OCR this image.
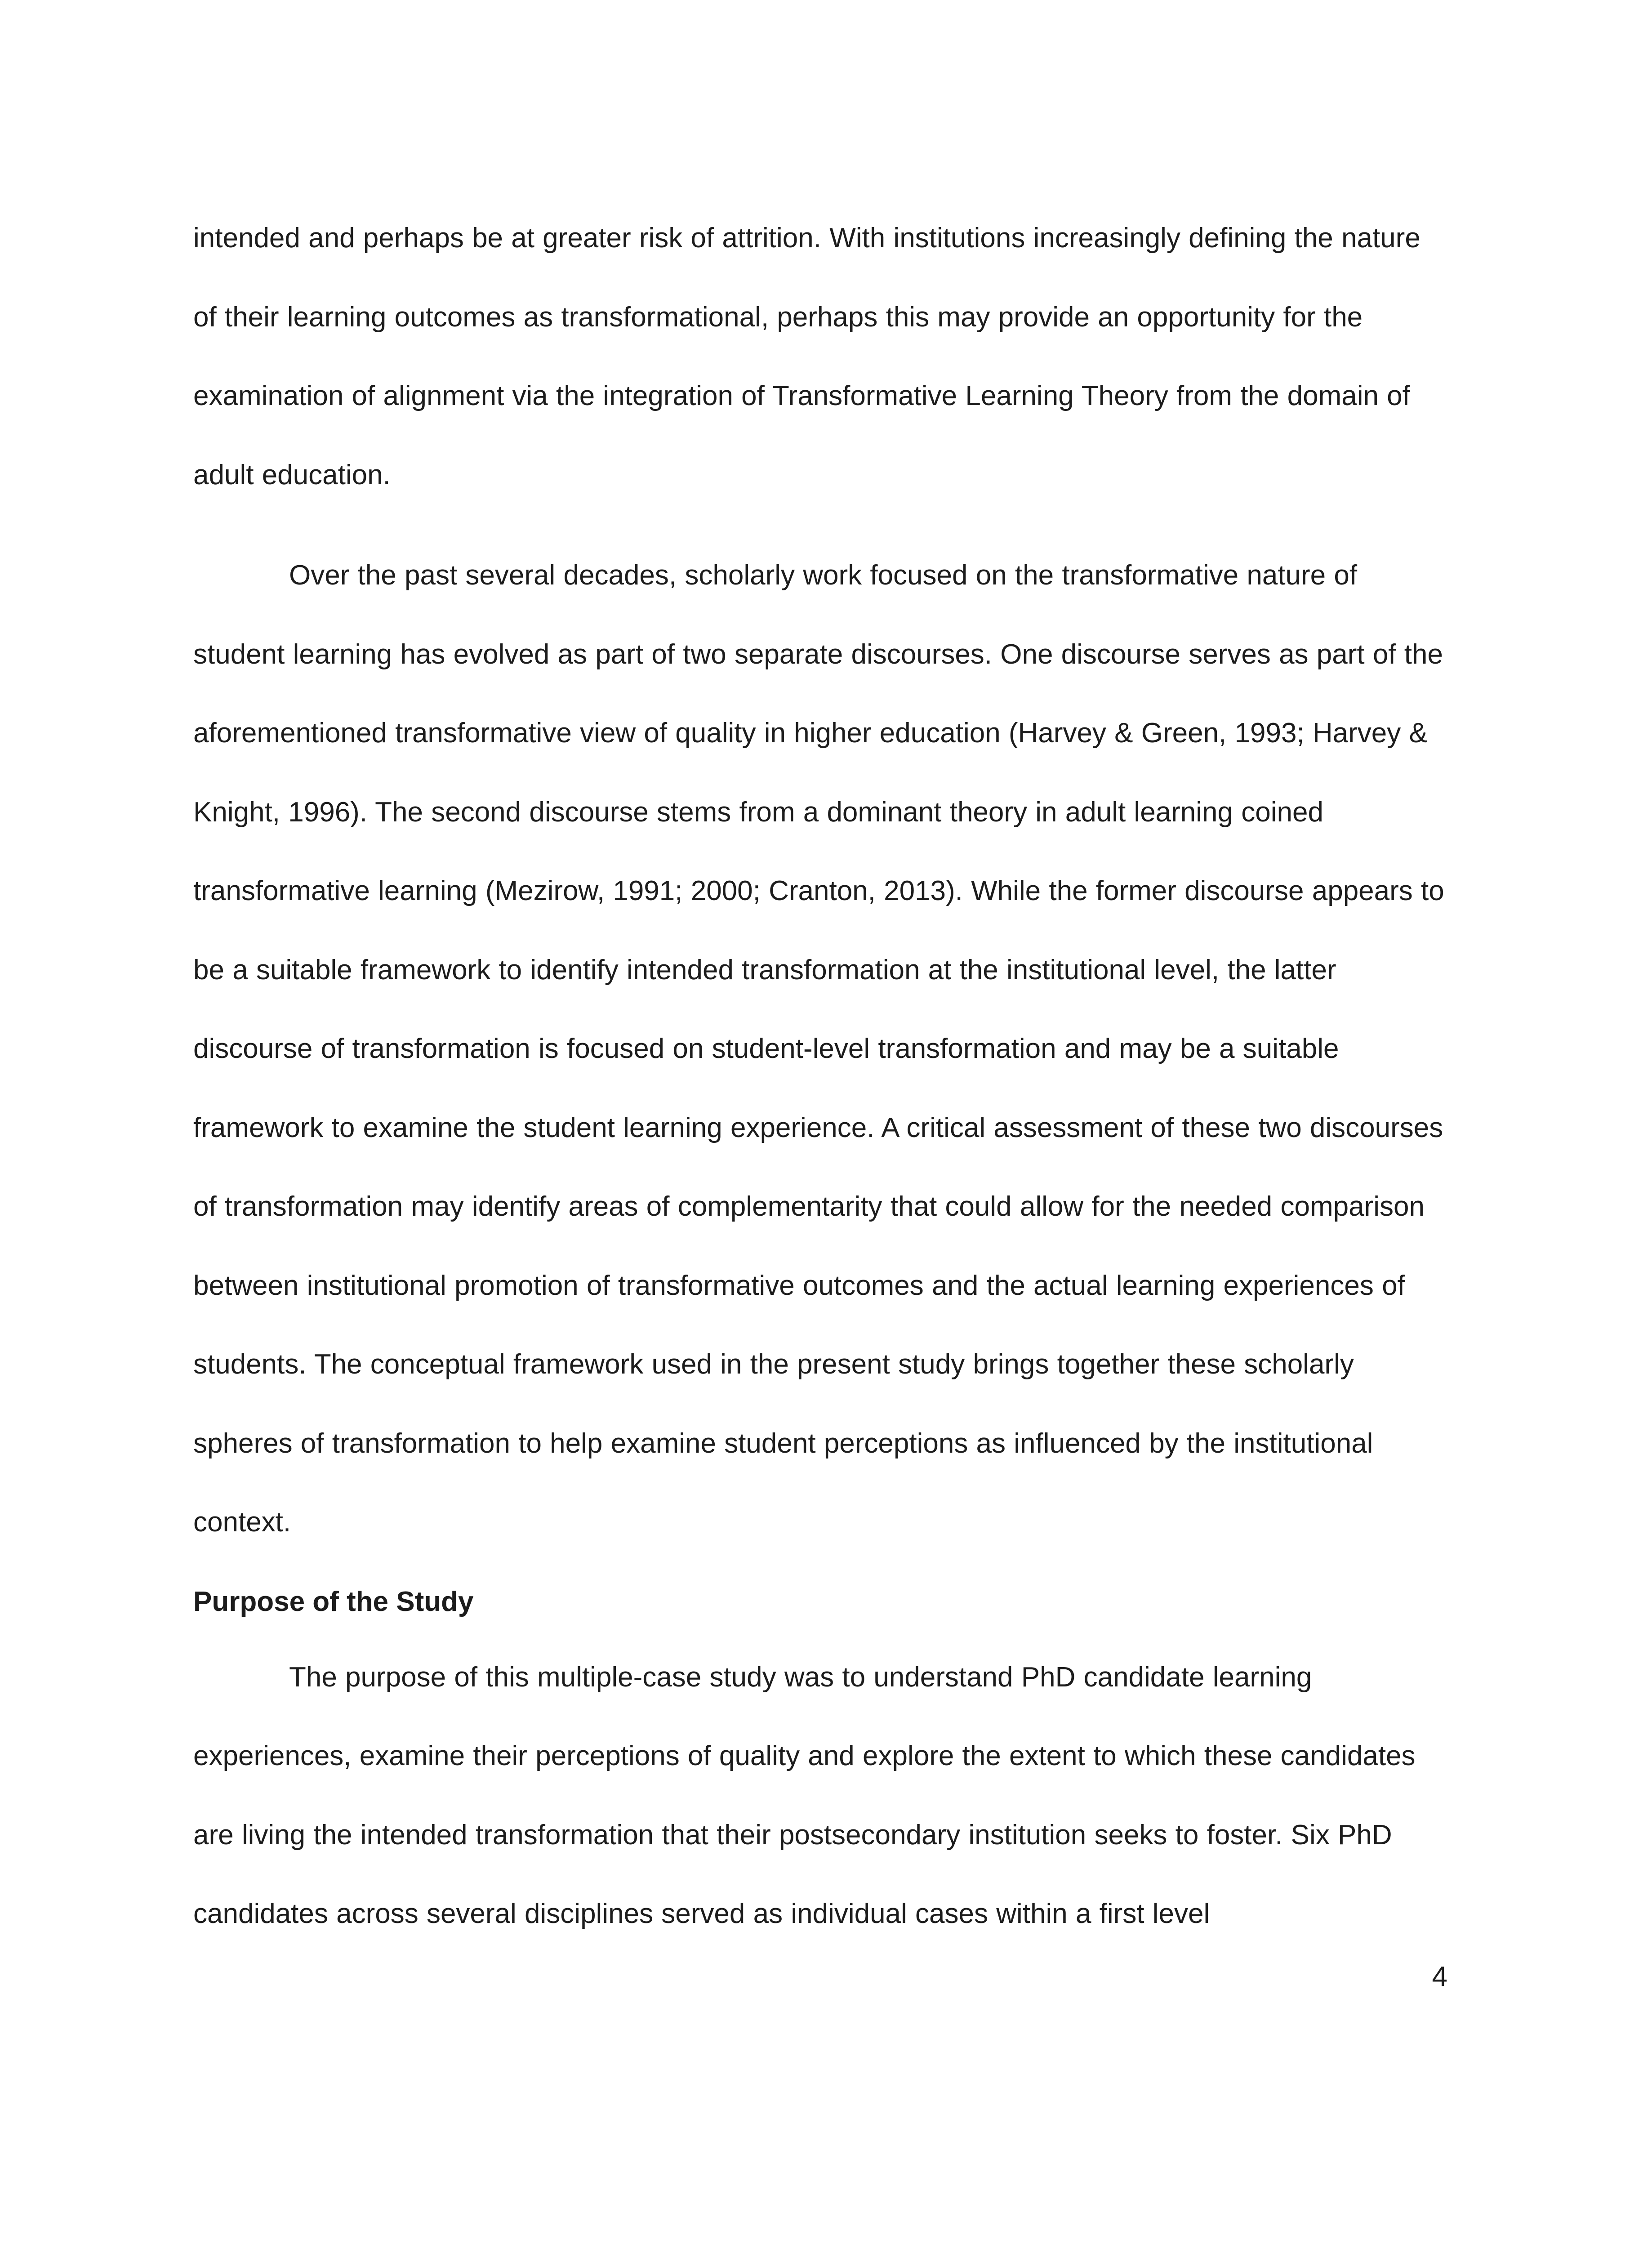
intended and perhaps be at greater risk of attrition. With institutions increasingly defining the nature of their learning outcomes as transformational, perhaps this may provide an opportunity for the examination of alignment via the integration of Transformative Learning Theory from the domain of adult education.

Over the past several decades, scholarly work focused on the transformative nature of student learning has evolved as part of two separate discourses. One discourse serves as part of the aforementioned transformative view of quality in higher education (Harvey & Green, 1993; Harvey & Knight, 1996). The second discourse stems from a dominant theory in adult learning coined transformative learning (Mezirow, 1991; 2000; Cranton, 2013). While the former discourse appears to be a suitable framework to identify intended transformation at the institutional level, the latter discourse of transformation is focused on student-level transformation and may be a suitable framework to examine the student learning experience. A critical assessment of these two discourses of transformation may identify areas of complementarity that could allow for the needed comparison between institutional promotion of transformative outcomes and the actual learning experiences of students. The conceptual framework used in the present study brings together these scholarly spheres of transformation to help examine student perceptions as influenced by the institutional context.

Purpose of the Study

The purpose of this multiple-case study was to understand PhD candidate learning experiences, examine their perceptions of quality and explore the extent to which these candidates are living the intended transformation that their postsecondary institution seeks to foster. Six PhD candidates across several disciplines served as individual cases within a first level

4
